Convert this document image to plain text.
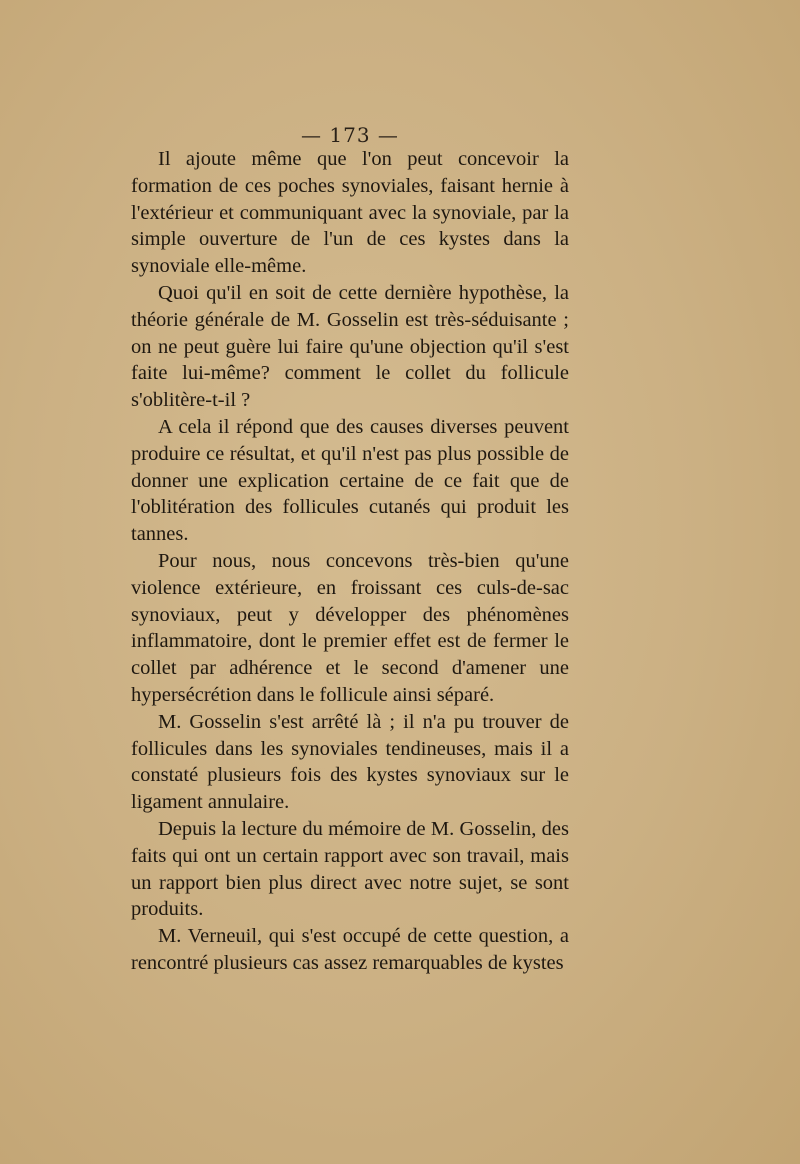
— 173 —

Il ajoute même que l'on peut concevoir la formation de ces poches synoviales, faisant hernie à l'extérieur et communiquant avec la synoviale, par la simple ouverture de l'un de ces kystes dans la synoviale elle-même.

Quoi qu'il en soit de cette dernière hypothèse, la théorie générale de M. Gosselin est très-séduisante ; on ne peut guère lui faire qu'une objection qu'il s'est faite lui-même? comment le collet du follicule s'oblitère-t-il ?

A cela il répond que des causes diverses peuvent produire ce résultat, et qu'il n'est pas plus possible de donner une explication certaine de ce fait que de l'oblitération des follicules cutanés qui produit les tannes.

Pour nous, nous concevons très-bien qu'une violence extérieure, en froissant ces culs-de-sac synoviaux, peut y développer des phénomènes inflammatoire, dont le premier effet est de fermer le collet par adhérence et le second d'amener une hypersécrétion dans le follicule ainsi séparé.

M. Gosselin s'est arrêté là ; il n'a pu trouver de follicules dans les synoviales tendineuses, mais il a constaté plusieurs fois des kystes synoviaux sur le ligament annulaire.

Depuis la lecture du mémoire de M. Gosselin, des faits qui ont un certain rapport avec son travail, mais un rapport bien plus direct avec notre sujet, se sont produits.

M. Verneuil, qui s'est occupé de cette question, a rencontré plusieurs cas assez remarquables de kystes
